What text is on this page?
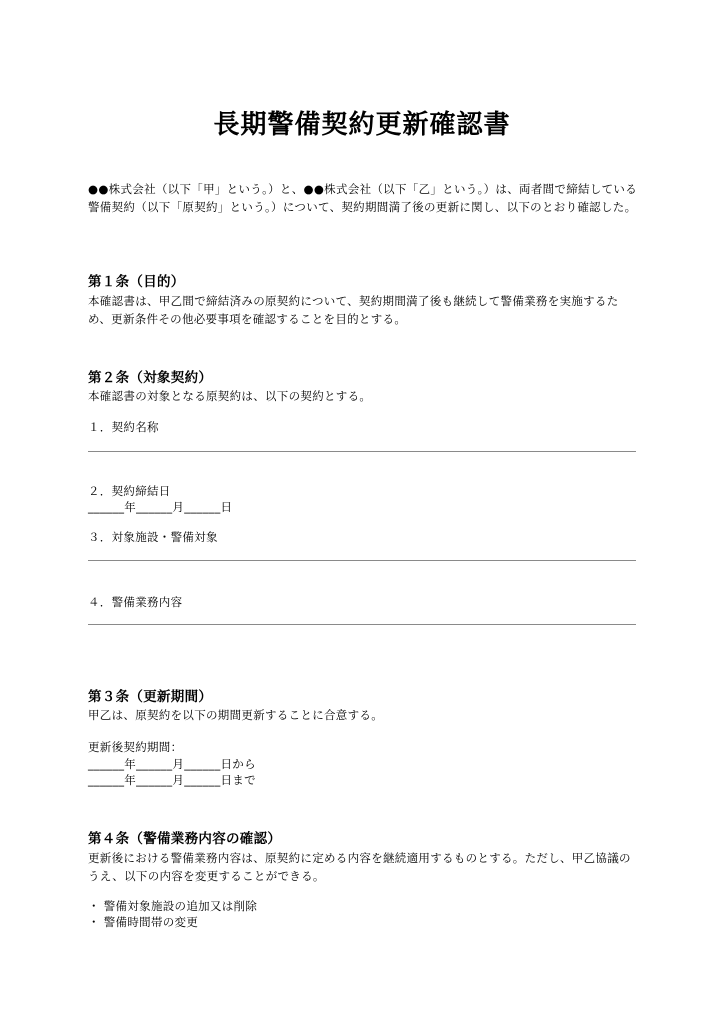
長期警備契約更新確認書
●●株式会社（以下「甲」という。）と、●●株式会社（以下「乙」という。）は、両者間で締結している警備契約（以下「原契約」という。）について、契約期間満了後の更新に関し、以下のとおり確認した。
第１条（目的）
本確認書は、甲乙間で締結済みの原契約について、契約期間満了後も継続して警備業務を実施するため、更新条件その他必要事項を確認することを目的とする。
第２条（対象契約）
本確認書の対象となる原契約は、以下の契約とする。
１．契約名称
２．契約締結日
______年______月______日
３．対象施設・警備対象
４．警備業務内容
第３条（更新期間）
甲乙は、原契約を以下の期間更新することに合意する。
更新後契約期間：
______年______月______日から
______年______月______日まで
第４条（警備業務内容の確認）
更新後における警備業務内容は、原契約に定める内容を継続適用するものとする。ただし、甲乙協議のうえ、以下の内容を変更することができる。
・ 警備対象施設の追加又は削除
・ 警備時間帯の変更
